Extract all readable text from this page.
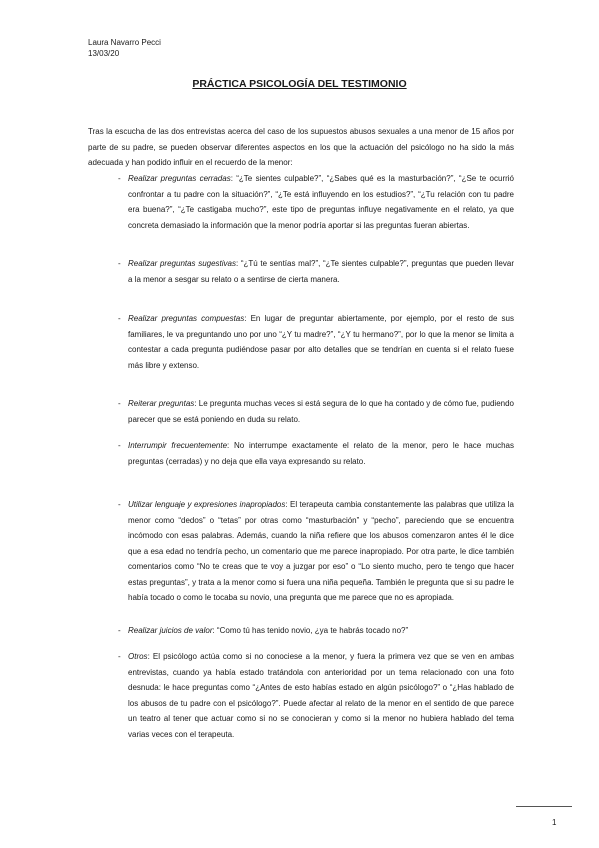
Laura Navarro Pecci
13/03/20
PRÁCTICA PSICOLOGÍA DEL TESTIMONIO
Tras la escucha de las dos entrevistas acerca del caso de los supuestos abusos sexuales a una menor de 15 años por parte de su padre, se pueden observar diferentes aspectos en los que la actuación del psicólogo no ha sido la más adecuada y han podido influir en el recuerdo de la menor:
- Realizar preguntas cerradas: “¿Te sientes culpable?”, “¿Sabes qué es la masturbación?”, “¿Se te ocurrió confrontar a tu padre con la situación?”, “¿Te está influyendo en los estudios?”, “¿Tu relación con tu padre era buena?”, “¿Te castigaba mucho?”, este tipo de preguntas influye negativamente en el relato, ya que concreta demasiado la información que la menor podría aportar si las preguntas fueran abiertas.
- Realizar preguntas sugestivas: “¿Tú te sentías mal?”, “¿Te sientes culpable?”, preguntas que pueden llevar a la menor a sesgar su relato o a sentirse de cierta manera.
- Realizar preguntas compuestas: En lugar de preguntar abiertamente, por ejemplo, por el resto de sus familiares, le va preguntando uno por uno “¿Y tu madre?”, “¿Y tu hermano?”, por lo que la menor se limita a contestar a cada pregunta pudiéndose pasar por alto detalles que se tendrían en cuenta si el relato fuese más libre y extenso.
- Reiterar preguntas: Le pregunta muchas veces si está segura de lo que ha contado y de cómo fue, pudiendo parecer que se está poniendo en duda su relato.
- Interrumpir frecuentemente: No interrumpe exactamente el relato de la menor, pero le hace muchas preguntas (cerradas) y no deja que ella vaya expresando su relato.
- Utilizar lenguaje y expresiones inapropiados: El terapeuta cambia constantemente las palabras que utiliza la menor como “dedos” o “tetas” por otras como “masturbación” y “pecho”, pareciendo que se encuentra incómodo con esas palabras. Además, cuando la niña refiere que los abusos comenzaron antes él le dice que a esa edad no tendría pecho, un comentario que me parece inapropiado. Por otra parte, le dice también comentarios como “No te creas que te voy a juzgar por eso” o “Lo siento mucho, pero te tengo que hacer estas preguntas”, y trata a la menor como si fuera una niña pequeña. También le pregunta que si su padre le había tocado o como le tocaba su novio, una pregunta que me parece que no es apropiada.
- Realizar juicios de valor: “Como tú has tenido novio, ¿ya te habrás tocado no?”
- Otros: El psicólogo actúa como si no conociese a la menor, y fuera la primera vez que se ven en ambas entrevistas, cuando ya había estado tratándola con anterioridad por un tema relacionado con una foto desnuda: le hace preguntas como “¿Antes de esto habías estado en algún psicólogo?” o “¿Has hablado de los abusos de tu padre con el psicólogo?”. Puede afectar al relato de la menor en el sentido de que parece un teatro al tener que actuar como si no se conocieran y como si la menor no hubiera hablado del tema varias veces con el terapeuta.
1
